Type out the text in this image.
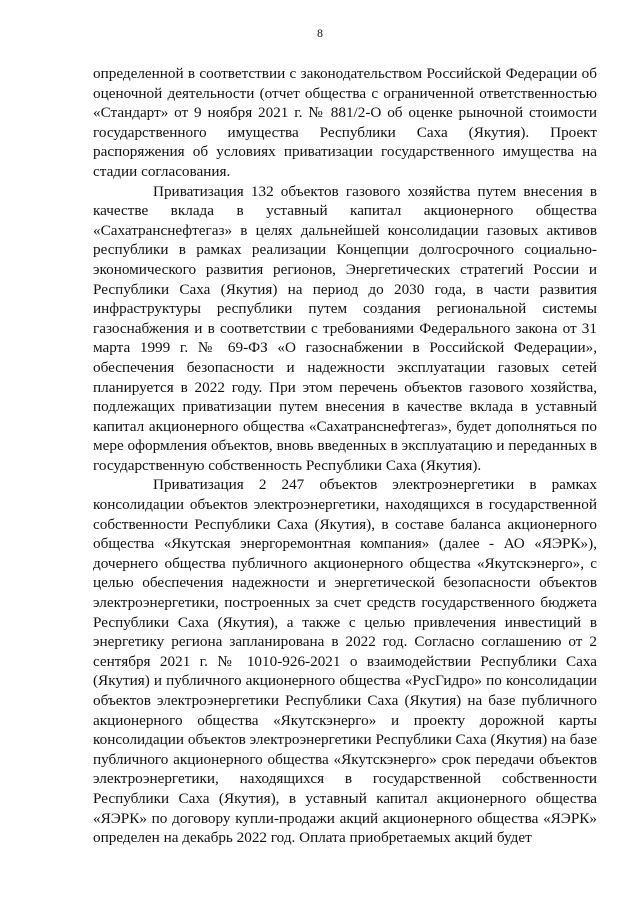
8

определенной в соответствии с законодательством Российской Федерации об оценочной деятельности (отчет общества с ограниченной ответственностью «Стандарт» от 9 ноября 2021 г. № 881/2-О об оценке рыночной стоимости государственного имущества Республики Саха (Якутия). Проект распоряжения об условиях приватизации государственного имущества на стадии согласования.

Приватизация 132 объектов газового хозяйства путем внесения в качестве вклада в уставный капитал акционерного общества «Сахатранснефтегаз» в целях дальнейшей консолидации газовых активов республики в рамках реализации Концепции долгосрочного социально-экономического развития регионов, Энергетических стратегий России и Республики Саха (Якутия) на период до 2030 года, в части развития инфраструктуры республики путем создания региональной системы газоснабжения и в соответствии с требованиями Федерального закона от 31 марта 1999 г. № 69-ФЗ «О газоснабжении в Российской Федерации», обеспечения безопасности и надежности эксплуатации газовых сетей планируется в 2022 году. При этом перечень объектов газового хозяйства, подлежащих приватизации путем внесения в качестве вклада в уставный капитал акционерного общества «Сахатранснефтегаз», будет дополняться по мере оформления объектов, вновь введенных в эксплуатацию и переданных в государственную собственность Республики Саха (Якутия).

Приватизация 2 247 объектов электроэнергетики в рамках консолидации объектов электроэнергетики, находящихся в государственной собственности Республики Саха (Якутия), в составе баланса акционерного общества «Якутская энергоремонтная компания» (далее - АО «ЯЭРК»), дочернего общества публичного акционерного общества «Якутскэнерго», с целью обеспечения надежности и энергетической безопасности объектов электроэнергетики, построенных за счет средств государственного бюджета Республики Саха (Якутия), а также с целью привлечения инвестиций в энергетику региона запланирована в 2022 год. Согласно соглашению от 2 сентября 2021 г. № 1010-926-2021 о взаимодействии Республики Саха (Якутия) и публичного акционерного общества «РусГидро» по консолидации объектов электроэнергетики Республики Саха (Якутия) на базе публичного акционерного общества «Якутскэнерго» и проекту дорожной карты консолидации объектов электроэнергетики Республики Саха (Якутия) на базе публичного акционерного общества «Якутскэнерго» срок передачи объектов электроэнергетики, находящихся в государственной собственности Республики Саха (Якутия), в уставный капитал акционерного общества «ЯЭРК» по договору купли-продажи акций акционерного общества «ЯЭРК» определен на декабрь 2022 год. Оплата приобретаемых акций будет
